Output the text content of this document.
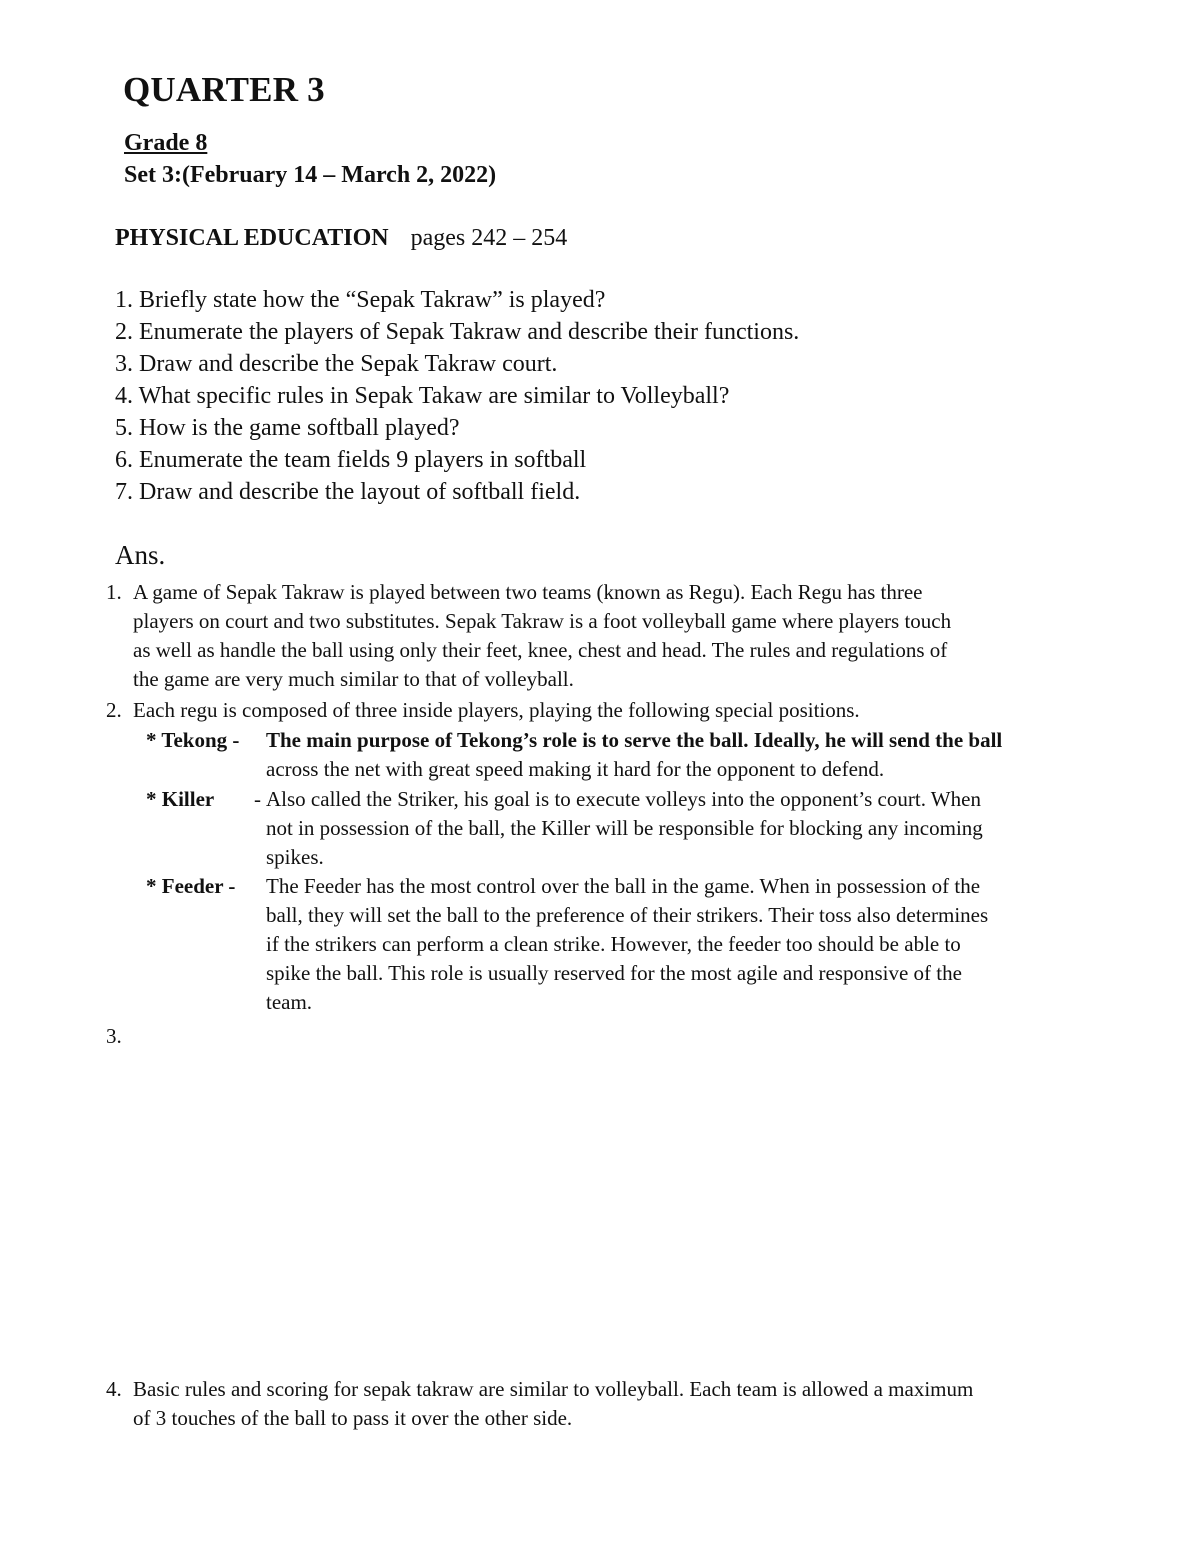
QUARTER 3
Grade 8
Set 3:(February 14 – March 2, 2022)
PHYSICAL EDUCATION pages 242 – 254
1. Briefly state how the “Sepak Takraw” is played?
2. Enumerate the players of Sepak Takraw and describe their functions.
3. Draw and describe the Sepak Takraw court.
4. What specific rules in Sepak Takaw are similar to Volleyball?
5. How is the game softball played?
6. Enumerate the team fields 9 players in softball
7. Draw and describe the layout of softball field.
Ans.
1. A game of Sepak Takraw is played between two teams (known as Regu). Each Regu has three
players on court and two substitutes. Sepak Takraw is a foot volleyball game where players touch
as well as handle the ball using only their feet, knee, chest and head. The rules and regulations of
the game are very much similar to that of volleyball.
2. Each regu is composed of three inside players, playing the following special positions.
* Tekong - The main purpose of Tekong’s role is to serve the ball. Ideally, he will send the ball
across the net with great speed making it hard for the opponent to defend.
* Killer - Also called the Striker, his goal is to execute volleys into the opponent’s court. When
not in possession of the ball, the Killer will be responsible for blocking any incoming
spikes.
* Feeder - The Feeder has the most control over the ball in the game. When in possession of the
ball, they will set the ball to the preference of their strikers. Their toss also determines
if the strikers can perform a clean strike. However, the feeder too should be able to
spike the ball. This role is usually reserved for the most agile and responsive of the
team.
3.
4. Basic rules and scoring for sepak takraw are similar to volleyball. Each team is allowed a maximum
of 3 touches of the ball to pass it over the other side.
